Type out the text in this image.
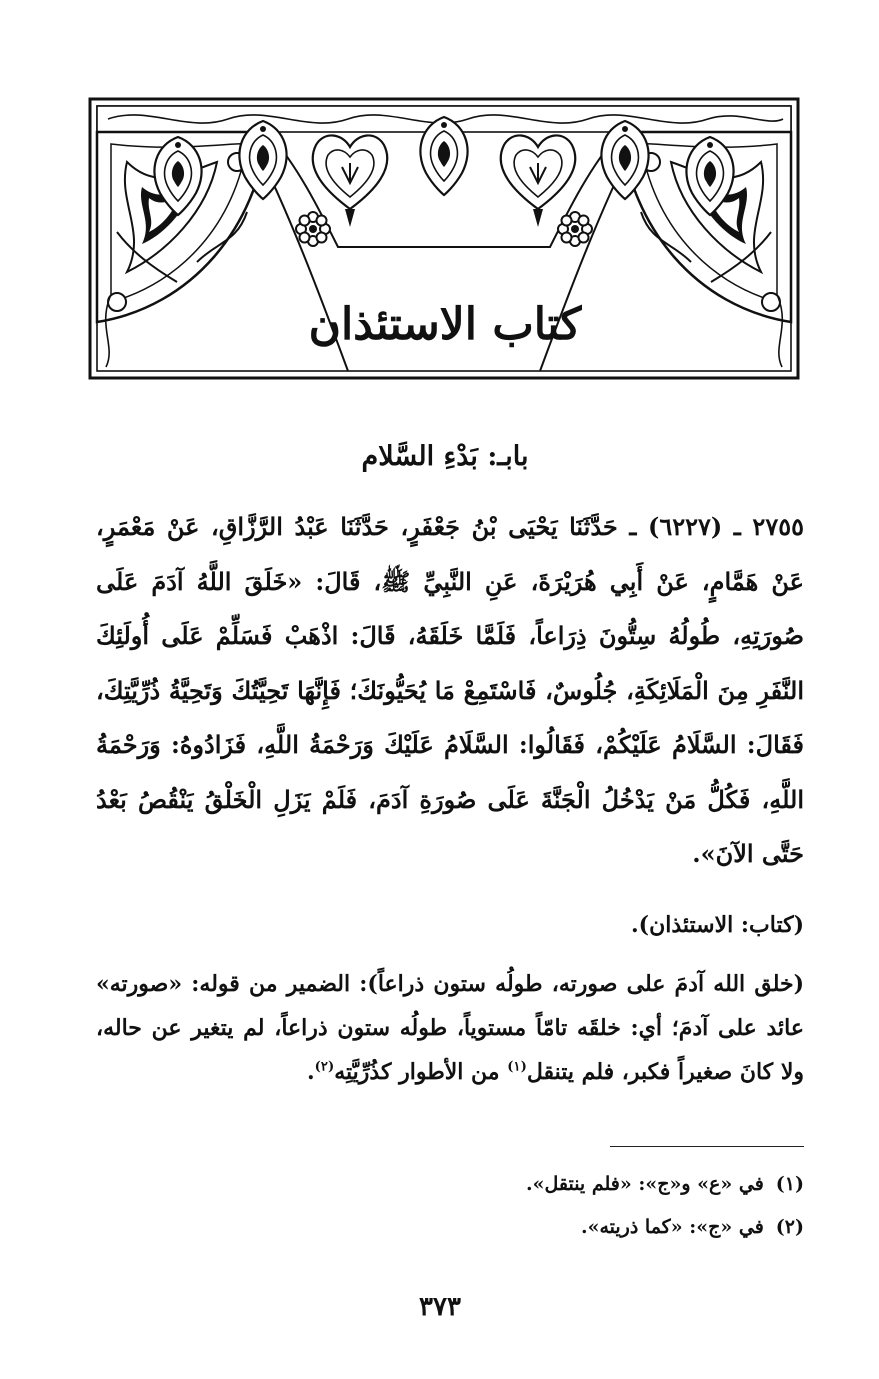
كتاب الاستئذان
بابـ: بَدْءِ السَّلام
٢٧٥٥ ـ (٦٢٢٧) ـ حَدَّثَنَا يَحْيَى بْنُ جَعْفَرٍ، حَدَّثَنَا عَبْدُ الرَّزَّاقِ، عَنْ مَعْمَرٍ، عَنْ هَمَّامٍ، عَنْ أَبِي هُرَيْرَةَ، عَنِ النَّبِيِّ ﷺ، قَالَ: «خَلَقَ اللَّهُ آدَمَ عَلَى صُورَتِهِ، طُولُهُ سِتُّونَ ذِرَاعاً، فَلَمَّا خَلَقَهُ، قَالَ: اذْهَبْ فَسَلِّمْ عَلَى أُولَئِكَ النَّفَرِ مِنَ الْمَلَائِكَةِ، جُلُوسٌ، فَاسْتَمِعْ مَا يُحَيُّونَكَ؛ فَإِنَّهَا تَحِيَّتُكَ وَتَحِيَّةُ ذُرِّيَّتِكَ، فَقَالَ: السَّلَامُ عَلَيْكُمْ، فَقَالُوا: السَّلَامُ عَلَيْكَ وَرَحْمَةُ اللَّهِ، فَزَادُوهُ: وَرَحْمَةُ اللَّهِ، فَكُلُّ مَنْ يَدْخُلُ الْجَنَّةَ عَلَى صُورَةِ آدَمَ، فَلَمْ يَزَلِ الْخَلْقُ يَنْقُصُ بَعْدُ حَتَّى الآنَ».
(كتاب: الاستئذان).
(خلق الله آدمَ على صورته، طولُه ستون ذراعاً): الضمير من قوله: «صورته» عائد على آدمَ؛ أي: خلقَه تامّاً مستوياً، طولُه ستون ذراعاً، لم يتغير عن حاله، ولا كانَ صغيراً فكبر، فلم يتنقل$^{(١)}$ من الأطوار كذُرِّيَّتِه$^{(٢)}$.
(١)في «ع» و«ج»: «فلم ينتقل».
(٢)في «ج»: «كما ذريته».
٣٧٣
